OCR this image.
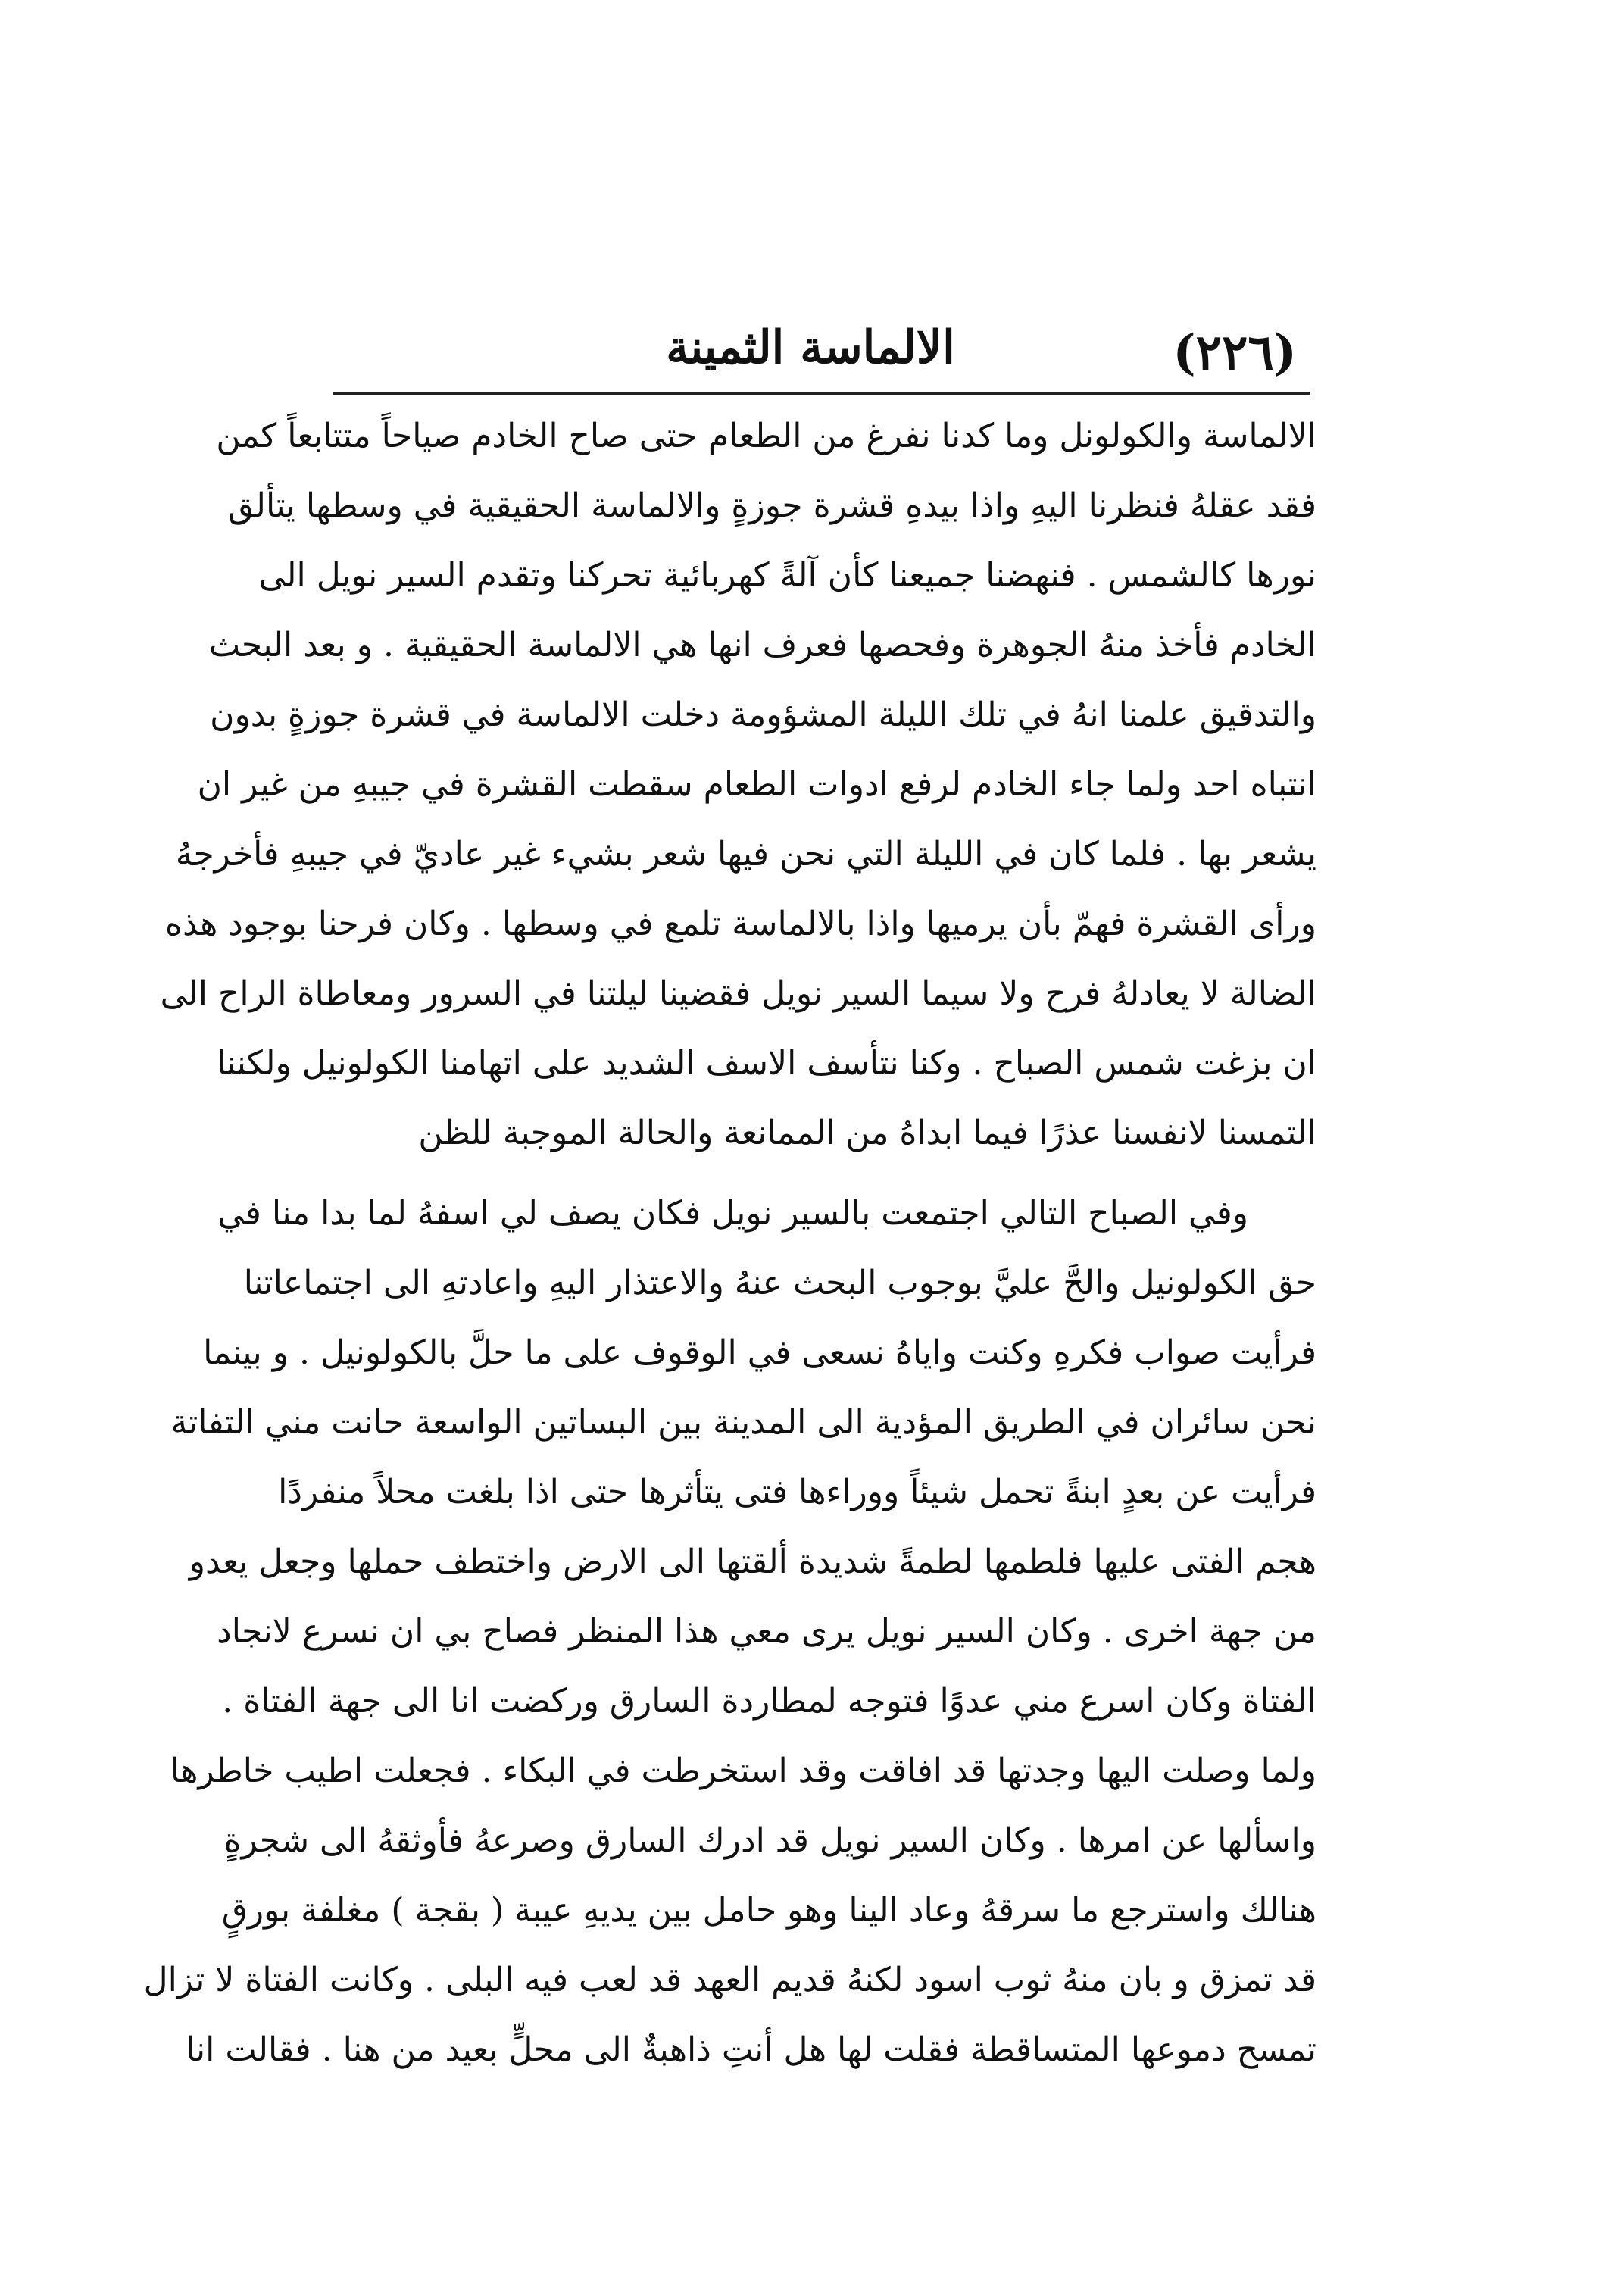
(٢٢٦)
الالماسة الثمينة
الالماسة والكولونل وما كدنا نفرغ من الطعام حتى صاح الخادم صياحاً متتابعاً كمن
فقد عقلهُ فنظرنا اليهِ واذا بيدهِ قشرة جوزةٍ والالماسة الحقيقية في وسطها يتألق
نورها كالشمس . فنهضنا جميعنا كأن آلةً كهربائية تحركنا وتقدم السير نويل الى
الخادم فأخذ منهُ الجوهرة وفحصها فعرف انها هي الالماسة الحقيقية . و بعد البحث
والتدقيق علمنا انهُ في تلك الليلة المشؤومة دخلت الالماسة في قشرة جوزةٍ بدون
انتباه احد ولما جاء الخادم لرفع ادوات الطعام سقطت القشرة في جيبهِ من غير ان
يشعر بها . فلما كان في الليلة التي نحن فيها شعر بشيء غير عاديّ في جيبهِ فأخرجهُ
ورأى القشرة فهمّ بأن يرميها واذا بالالماسة تلمع في وسطها . وكان فرحنا بوجود هذه
الضالة لا يعادلهُ فرح ولا سيما السير نويل فقضينا ليلتنا في السرور ومعاطاة الراح الى
ان بزغت شمس الصباح . وكنا نتأسف الاسف الشديد على اتهامنا الكولونيل ولكننا
التمسنا لانفسنا عذرًا فيما ابداهُ من الممانعة والحالة الموجبة للظن
وفي الصباح التالي اجتمعت بالسير نويل فكان يصف لي اسفهُ لما بدا منا في
حق الكولونيل والحَّ عليَّ بوجوب البحث عنهُ والاعتذار اليهِ واعادتهِ الى اجتماعاتنا
فرأيت صواب فكرهِ وكنت واياهُ نسعى في الوقوف على ما حلَّ بالكولونيل . و بينما
نحن سائران في الطريق المؤدية الى المدينة بين البساتين الواسعة حانت مني التفاتة
فرأيت عن بعدٍ ابنةً تحمل شيئاً ووراءها فتى يتأثرها حتى اذا بلغت محلاً منفردًا
هجم الفتى عليها فلطمها لطمةً شديدة ألقتها الى الارض واختطف حملها وجعل يعدو
من جهة اخرى . وكان السير نويل يرى معي هذا المنظر فصاح بي ان نسرع لانجاد
الفتاة وكان اسرع مني عدوًا فتوجه لمطاردة السارق وركضت انا الى جهة الفتاة .
ولما وصلت اليها وجدتها قد افاقت وقد استخرطت في البكاء . فجعلت اطيب خاطرها
واسألها عن امرها . وكان السير نويل قد ادرك السارق وصرعهُ فأوثقهُ الى شجرةٍ
هنالك واسترجع ما سرقهُ وعاد الينا وهو حامل بين يديهِ عيبة ( بقجة ) مغلفة بورقٍ
قد تمزق و بان منهُ ثوب اسود لكنهُ قديم العهد قد لعب فيه البلى . وكانت الفتاة لا تزال
تمسح دموعها المتساقطة فقلت لها هل أنتِ ذاهبةٌ الى محلٍّ بعيد من هنا . فقالت انا
